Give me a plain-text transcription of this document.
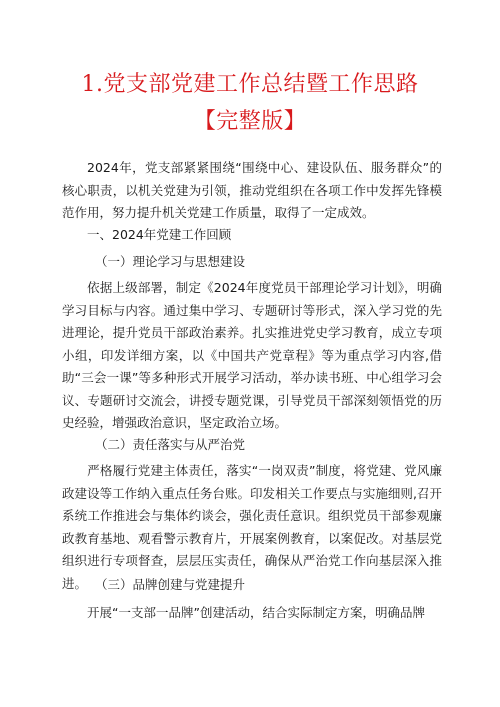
1.党支部党建工作总结暨工作思路
【完整版】
2024年，党支部紧紧围绕“围绕中心、建设队伍、服务群众”的核心职责，以机关党建为引领，推动党组织在各项工作中发挥先锋模范作用，努力提升机关党建工作质量，取得了一定成效。
一、2024年党建工作回顾
（一）理论学习与思想建设
依据上级部署，制定《2024年度党员干部理论学习计划》，明确学习目标与内容。通过集中学习、专题研讨等形式，深入学习党的先进理论，提升党员干部政治素养。扎实推进党史学习教育，成立专项小组，印发详细方案，以《中国共产党章程》等为重点学习内容,借助“三会一课”等多种形式开展学习活动，举办读书班、中心组学习会议、专题研讨交流会，讲授专题党课，引导党员干部深刻领悟党的历史经验，增强政治意识，坚定政治立场。
（二）责任落实与从严治党
严格履行党建主体责任，落实“一岗双责”制度，将党建、党风廉政建设等工作纳入重点任务台账。印发相关工作要点与实施细则,召开系统工作推进会与集体约谈会，强化责任意识。组织党员干部参观廉政教育基地、观看警示教育片，开展案例教育，以案促改。对基层党组织进行专项督查，层层压实责任，确保从严治党工作向基层深入推进。 （三）品牌创建与党建提升
开展“一支部一品牌”创建活动，结合实际制定方案，明确品牌
